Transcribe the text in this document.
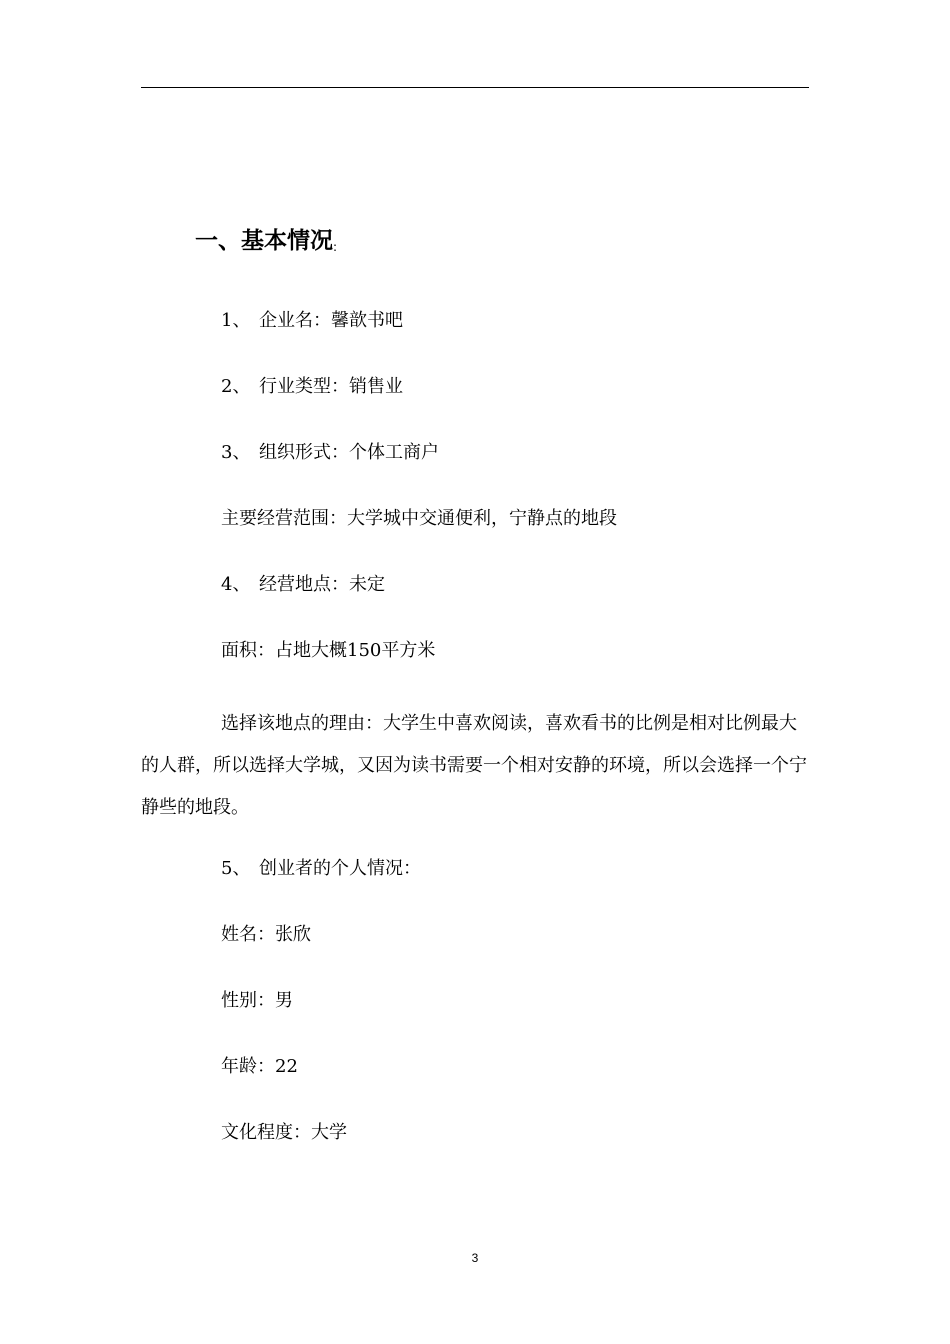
一、基本情况:
1、 企业名：馨歆书吧
2、 行业类型：销售业
3、 组织形式：个体工商户
主要经营范围：大学城中交通便利，宁静点的地段
4、 经营地点：未定
面积：占地大概150平方米

选择该地点的理由：大学生中喜欢阅读，喜欢看书的比例是相对比例最大的人群，所以选择大学城，又因为读书需要一个相对安静的环境，所以会选择一个宁静些的地段。

5、 创业者的个人情况：
姓名：张欣
性别：男
年龄：22
文化程度：大学
3
